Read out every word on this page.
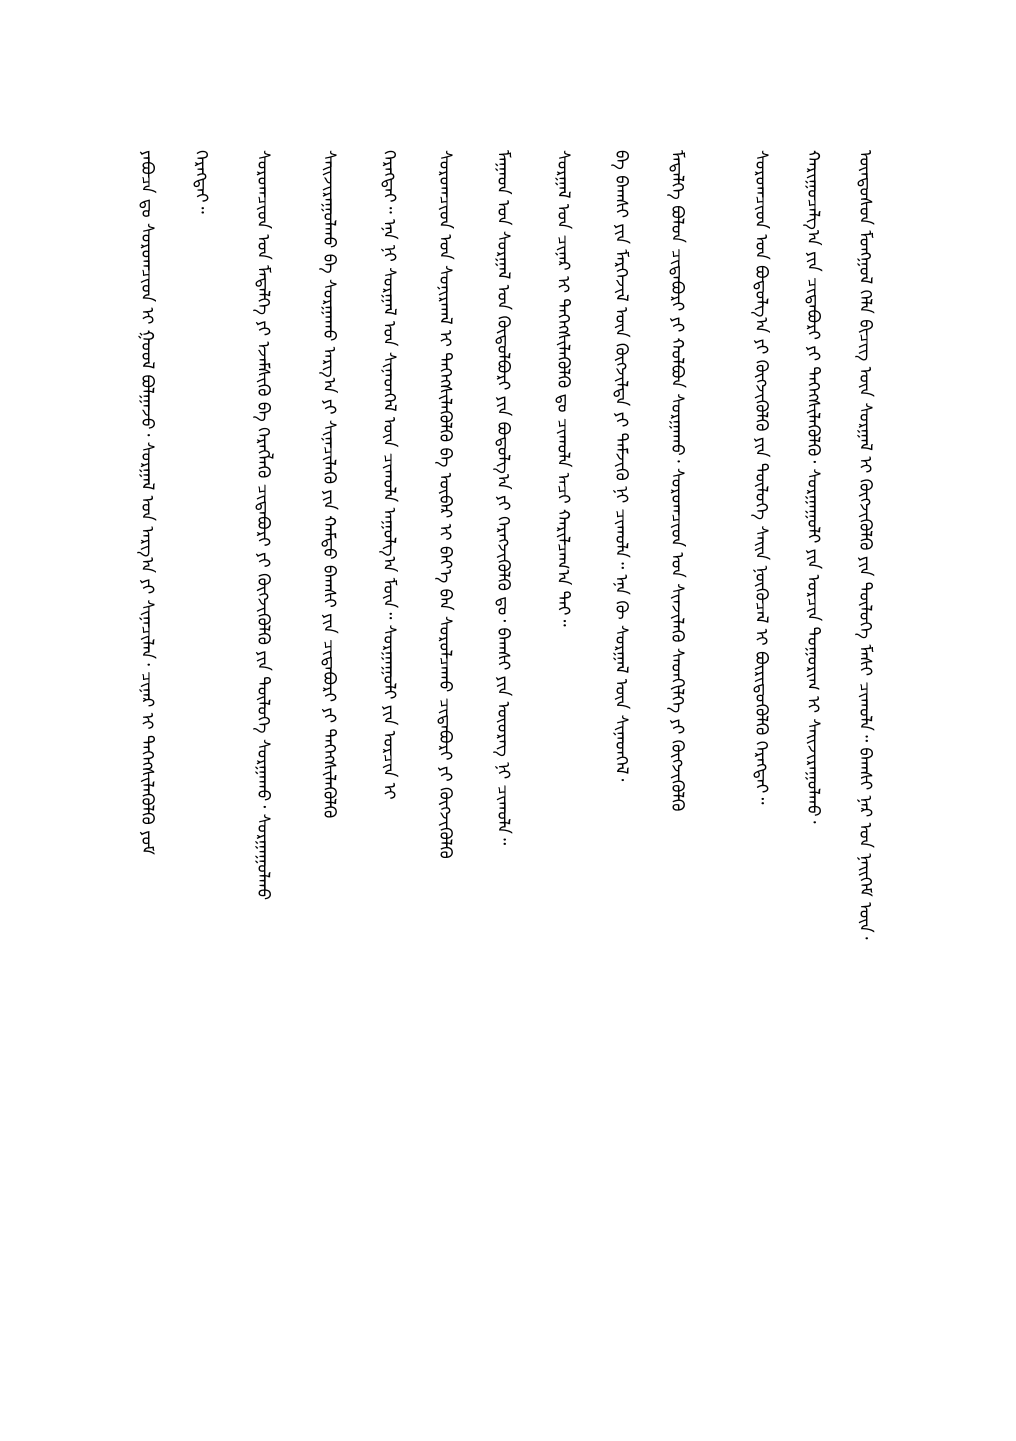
ᠦᠨᠳᠦᠰᠦᠨ ᠮᠣᠩᠭᠣᠯ ᠬᠡᠯᠡ ᠪᠢᠴᠢᠭ ᠦᠨ ᠰᠤᠷᠭᠠᠯ ᠢ ᠬᠥᠭᠵᠢᠭᠦᠯᠬᠦ ᠶᠢᠨ ᠲᠥᠯᠥᠭᠡ ᠮᠠᠰᠢ ᠴᠢᠬᠤᠯᠠ᠃ ᠪᠠᠭᠰᠢ ᠨᠠᠷ ᠤᠨ ᠨᠡᠢᠭᠡᠮ ᠦᠨ᠂
ᠬᠠᠷᠢᠭᠤᠴᠠᠯᠭ᠎ᠠ ᠶᠢᠨ ᠴᠢᠳᠠᠪᠤᠷᠢ ᠶᠢ ᠳᠡᠭᠡᠭᠰᠢᠯᠡᠭᠦᠯᠬᠦ᠂ ᠰᠤᠷᠭᠠᠭᠤᠯᠢ ᠶᠢᠨ ᠤᠷᠴᠢᠨ ᠲᠣᠭᠣᠷᠢᠭ ᠢ ᠰᠠᠢᠵᠢᠷᠠᠭᠤᠯᠬᠤ᠂
ᠰᠤᠷᠤᠭᠴᠢᠳ ᠤᠨ ᠪᠣᠳᠣᠯᠭ᠎ᠠ ᠶᠢ ᠬᠥᠭᠵᠢᠭᠦᠯᠬᠦ ᠶᠢᠨ ᠲᠥᠯᠥᠭᠡ ᠰᠠᠢᠨ ᠨᠥᠬᠦᠴᠡᠯ ᠢ ᠪᠦᠷᠢᠳᠦᠭᠦᠯᠬᠦ ᠬᠡᠷᠡᠭᠲᠡᠢ᠃
ᠮᠡᠳᠡᠯᠭᠡ ᠪᠣᠯᠤᠨ ᠴᠢᠳᠠᠪᠤᠷᠢ ᠶᠢ ᠬᠣᠯᠪᠣᠨ ᠰᠤᠷᠭᠠᠬᠤ᠂ ᠰᠤᠷᠤᠭᠴᠢᠳ ᠤᠨ ᠰᠢᠨᠵᠢᠯᠡᠬᠦ ᠰᠡᠳᠬᠢᠯᠭᠡ ᠶᠢ ᠬᠥᠭᠵᠢᠭᠦᠯᠬᠦ
ᠪᠠ ᠪᠠᠭᠰᠢ ᠶᠢᠨ ᠮᠡᠷᠭᠡᠵᠢᠯ ᠦᠨ ᠬᠥᠭᠵᠢᠯᠲᠡ ᠶᠢ ᠳᠡᠮᠵᠢᠬᠦ ᠨᠢ ᠴᠢᠬᠤᠯᠠ᠃ ᠡᠨᠡ ᠬᠦ ᠰᠤᠷᠭᠠᠯ ᠦᠨ ᠰᠢᠨᠡᠳᠬᠡᠯ᠂
ᠰᠤᠷᠭᠠᠯ ᠤᠨ ᠴᠢᠨᠠᠷ ᠢ ᠳᠡᠭᠡᠭᠰᠢᠯᠡᠭᠦᠯᠬᠦ ᠳᠤ ᠴᠢᠬᠤᠯᠠ ᠠᠴᠢ ᠬᠠᠷᠢᠯᠴᠠᠭ᠎ᠠ ᠲᠠᠢ᠃
ᠮᠠᠭᠠᠳ ᠤᠨ ᠰᠤᠷᠭᠠᠯ ᠤᠨ ᠬᠥᠲᠥᠯᠪᠦᠷᠢ ᠶᠢᠨ ᠪᠣᠳᠣᠯᠭ᠎ᠠ ᠶᠢ ᠬᠡᠷᠡᠭᠵᠢᠭᠦᠯᠬᠦ ᠳᠤ᠂ ᠪᠠᠭᠰᠢ ᠶᠢᠨ ᠦᠦᠷᠡᠭ ᠨᠢ ᠴᠢᠬᠤᠯᠠ᠃
ᠰᠤᠷᠤᠭᠴᠢᠳ ᠤᠨ ᠰᠣᠨᠢᠷᠬᠠᠯ ᠢ ᠳᠡᠭᠡᠭᠰᠢᠯᠡᠭᠦᠯᠬᠦ ᠪᠠ ᠥᠪᠡᠷ ᠢ ᠪᠡᠶ᠎ᠡ ᠪᠡᠨ ᠰᠤᠷᠤᠯᠴᠠᠬᠤ ᠴᠢᠳᠠᠪᠤᠷᠢ ᠶᠢ ᠬᠥᠭᠵᠢᠭᠦᠯᠬᠦ
ᠬᠡᠷᠡᠭᠲᠡᠢ᠃ ᠡᠨᠡ ᠨᠢ ᠰᠤᠷᠭᠠᠯ ᠤᠨ ᠰᠢᠨᠡᠳᠬᠡᠯ ᠦᠨ ᠴᠢᠬᠤᠯᠠ ᠠᠭᠤᠯᠭ᠎ᠠ ᠮᠥᠨ᠃ ᠰᠤᠷᠭᠠᠭᠤᠯᠢ ᠶᠢᠨ ᠣᠷᠴᠢᠨ ᠢ
ᠰᠠᠢᠵᠢᠷᠠᠭᠤᠯᠬᠤ ᠪᠠ ᠰᠤᠷᠭᠠᠬᠤ ᠠᠷᠭ᠎ᠠ ᠶᠢ ᠰᠢᠨᠡᠴᠢᠯᠡᠬᠦ ᠶᠢᠨ ᠬᠠᠮᠲᠤ ᠪᠠᠭᠰᠢ ᠶᠢᠨ ᠴᠢᠳᠠᠪᠤᠷᠢ ᠶᠢ ᠳᠡᠭᠡᠭᠰᠢᠯᠡᠭᠦᠯᠬᠦ
ᠰᠤᠷᠤᠭᠴᠢᠳ ᠤᠨ ᠮᠡᠳᠡᠯᠭᠡ ᠶᠢ ᠡᠵᠡᠮᠰᠢᠬᠦ ᠪᠠ ᠬᠡᠷᠡᠭᠯᠡᠬᠦ ᠴᠢᠳᠠᠪᠤᠷᠢ ᠶᠢ ᠬᠥᠭᠵᠢᠭᠦᠯᠬᠦ ᠶᠢᠨ ᠲᠥᠯᠥᠭᠡ ᠰᠤᠷᠭᠠᠬᠤ᠂ ᠰᠤᠷᠭᠠᠭᠤᠯᠬᠤ
ᠬᠡᠷᠡᠭᠲᠡᠢ᠃
ᠶᠠᠪᠤᠴᠠ ᠳᠤ ᠰᠤᠷᠤᠭᠴᠢᠳ ᠢ ᠭᠣᠣᠯ ᠪᠣᠯᠭᠠᠵᠤ᠂ ᠰᠤᠷᠭᠠᠯ ᠤᠨ ᠠᠷᠭ᠎ᠠ ᠶᠢ ᠰᠢᠨᠡᠴᠢᠯᠡᠨ᠂ ᠴᠢᠨᠠᠷ ᠢ ᠳᠡᠭᠡᠭᠰᠢᠯᠡᠭᠦᠯᠬᠦ ᠶᠤᠮ
